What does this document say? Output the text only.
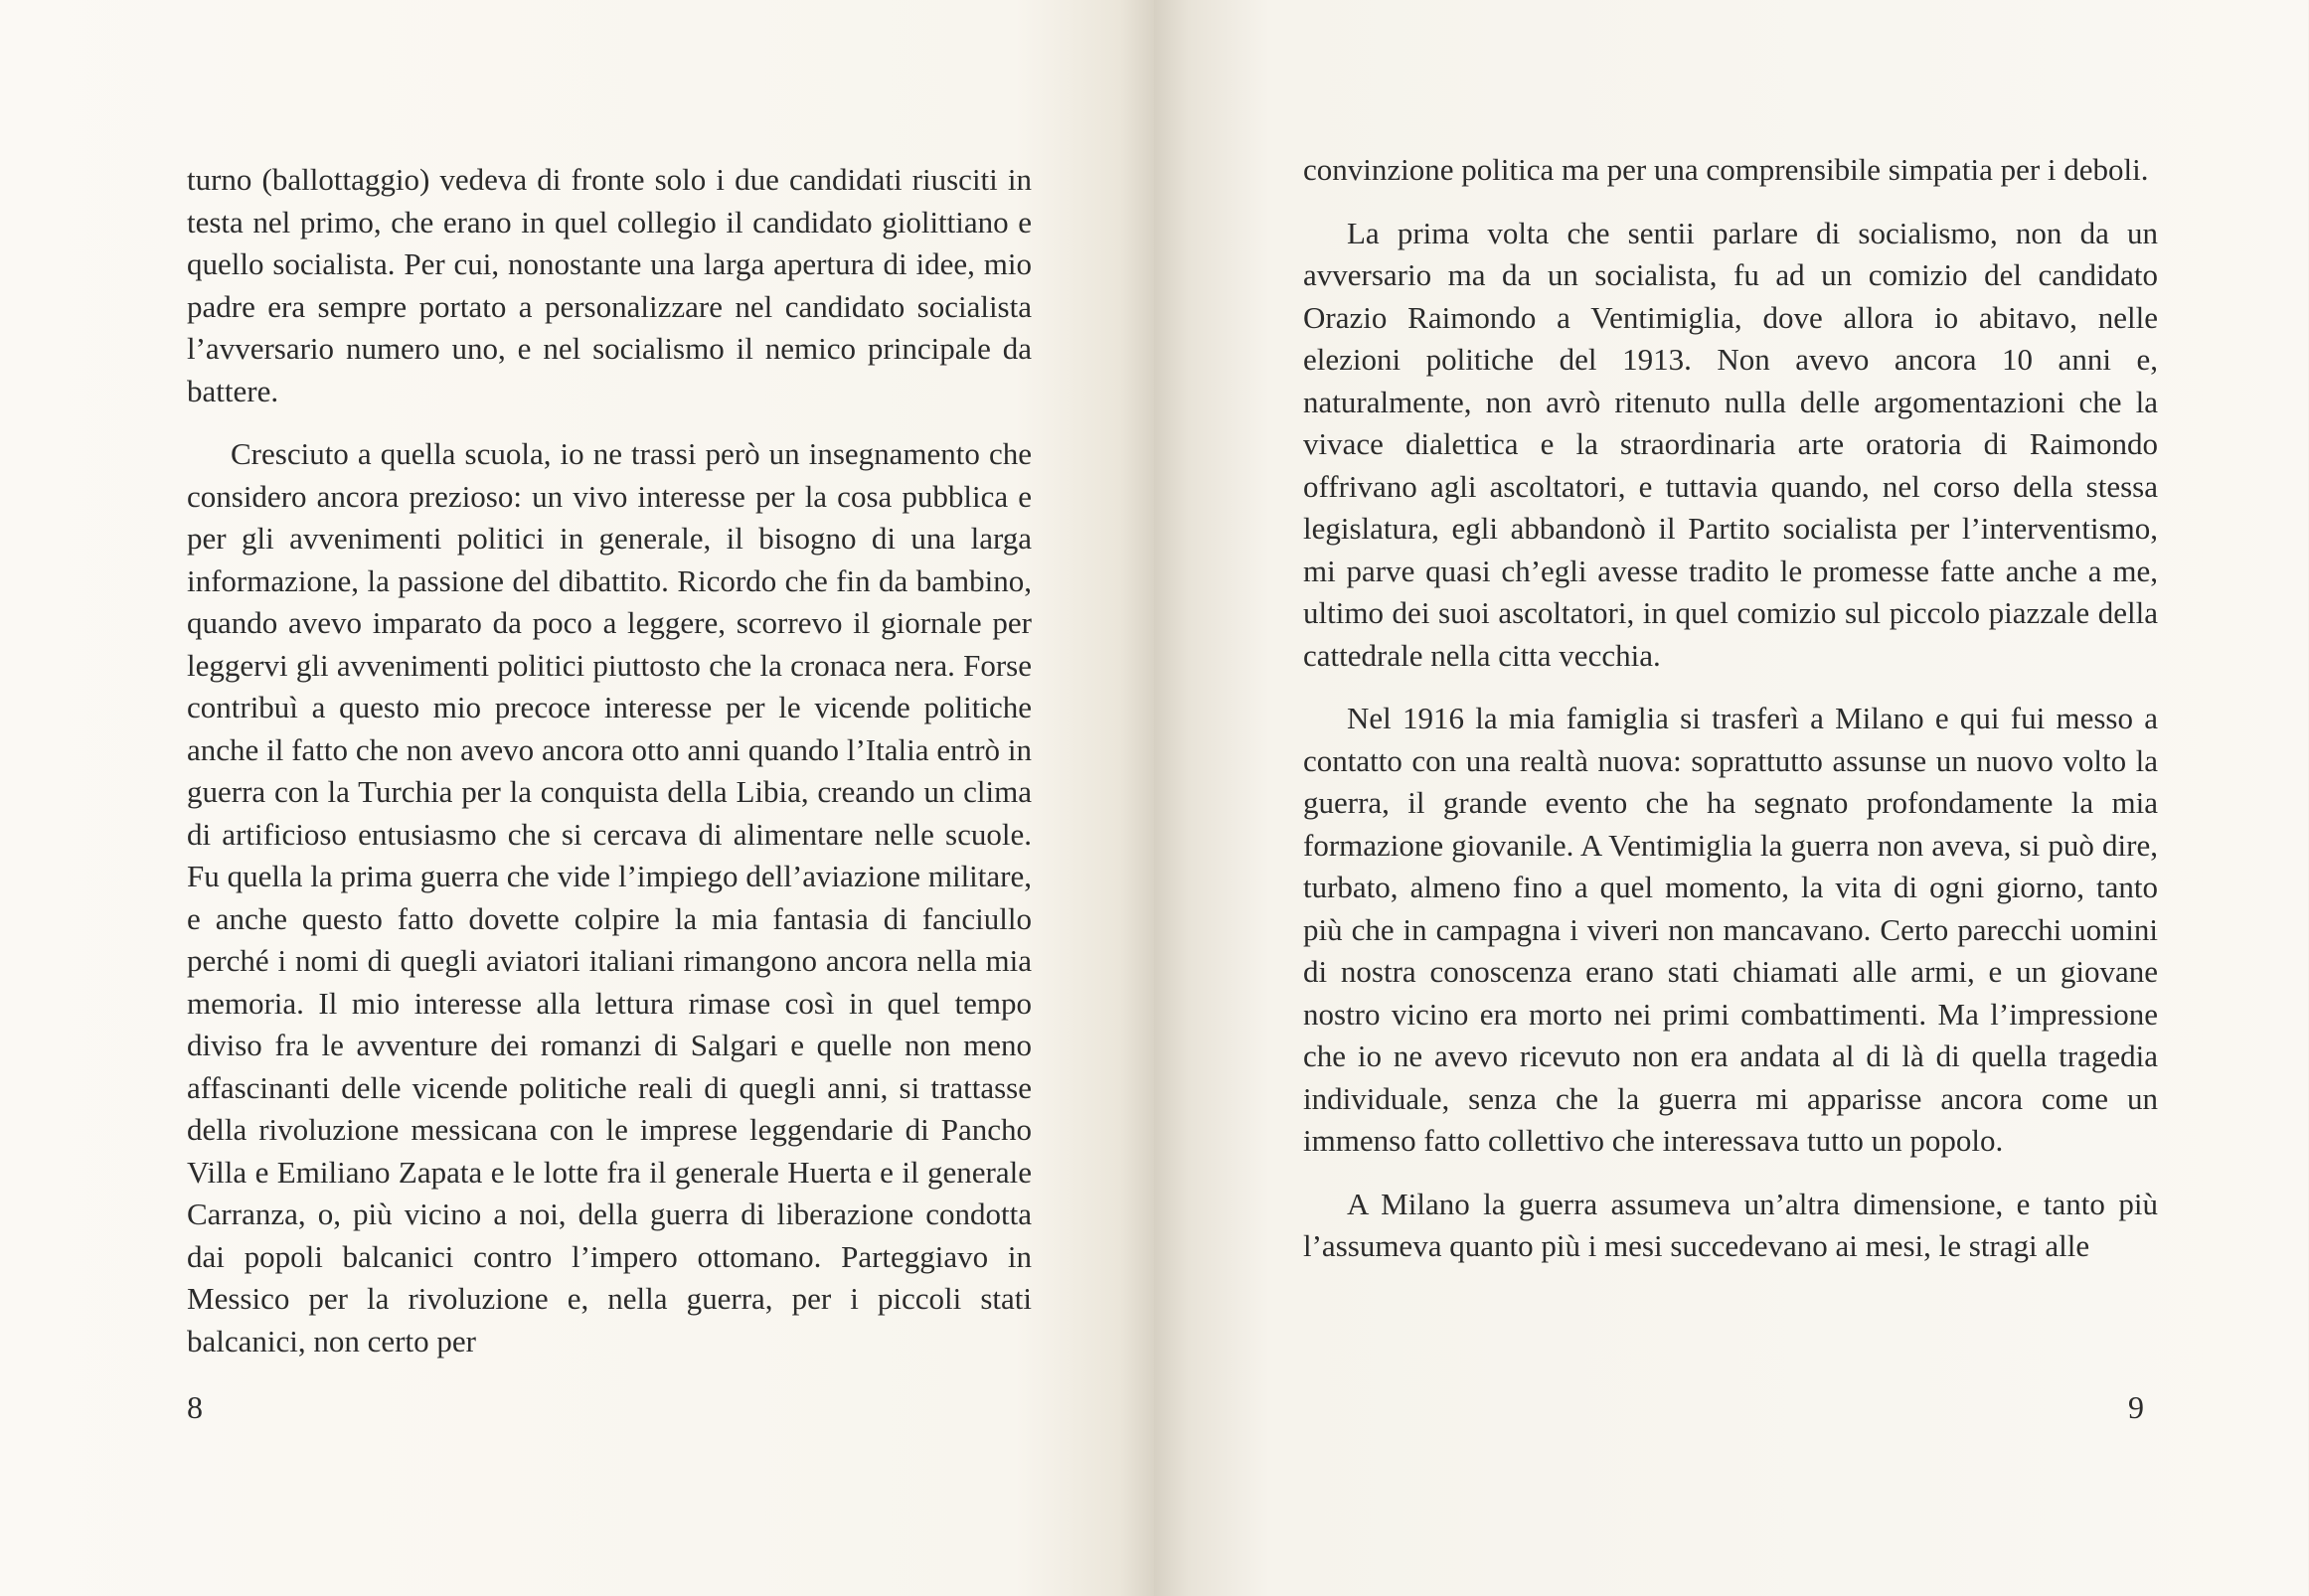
turno (ballottaggio) vedeva di fronte solo i due candidati riusciti in testa nel primo, che erano in quel collegio il candidato giolittiano e quello socialista. Per cui, nonostante una larga apertura di idee, mio padre era sempre portato a personalizzare nel candidato socialista l’avversario numero uno, e nel socialismo il nemico principale da battere.

Cresciuto a quella scuola, io ne trassi però un insegnamento che considero ancora prezioso: un vivo interesse per la cosa pubblica e per gli avvenimenti politici in generale, il bisogno di una larga informazione, la passione del dibattito. Ricordo che fin da bambino, quando avevo imparato da poco a leggere, scorrevo il giornale per leggervi gli avvenimenti politici piuttosto che la cronaca nera. Forse contribuì a questo mio precoce interesse per le vicende politiche anche il fatto che non avevo ancora otto anni quando l’Italia entrò in guerra con la Turchia per la conquista della Libia, creando un clima di artificioso entusiasmo che si cercava di alimentare nelle scuole. Fu quella la prima guerra che vide l’impiego dell’aviazione militare, e anche questo fatto dovette colpire la mia fantasia di fanciullo perché i nomi di quegli aviatori italiani rimangono ancora nella mia memoria. Il mio interesse alla lettura rimase così in quel tempo diviso fra le avventure dei romanzi di Salgari e quelle non meno affascinanti delle vicende politiche reali di quegli anni, si trattasse della rivoluzione messicana con le imprese leggendarie di Pancho Villa e Emiliano Zapata e le lotte fra il generale Huerta e il generale Carranza, o, più vicino a noi, della guerra di liberazione condotta dai popoli balcanici contro l’impero ottomano. Parteggiavo in Messico per la rivoluzione e, nella guerra, per i piccoli stati balcanici, non certo per

8

convinzione politica ma per una comprensibile simpatia per i deboli.

La prima volta che sentii parlare di socialismo, non da un avversario ma da un socialista, fu ad un comizio del candidato Orazio Raimondo a Ventimiglia, dove allora io abitavo, nelle elezioni politiche del 1913. Non avevo ancora 10 anni e, naturalmente, non avrò ritenuto nulla delle argomentazioni che la vivace dialettica e la straordinaria arte oratoria di Raimondo offrivano agli ascoltatori, e tuttavia quando, nel corso della stessa legislatura, egli abbandonò il Partito socialista per l’interventismo, mi parve quasi ch’egli avesse tradito le promesse fatte anche a me, ultimo dei suoi ascoltatori, in quel comizio sul piccolo piazzale della cattedrale nella citta vecchia.

Nel 1916 la mia famiglia si trasferì a Milano e qui fui messo a contatto con una realtà nuova: soprattutto assunse un nuovo volto la guerra, il grande evento che ha segnato profondamente la mia formazione giovanile. A Ventimiglia la guerra non aveva, si può dire, turbato, almeno fino a quel momento, la vita di ogni giorno, tanto più che in campagna i viveri non mancavano. Certo parecchi uomini di nostra conoscenza erano stati chiamati alle armi, e un giovane nostro vicino era morto nei primi combattimenti. Ma l’impressione che io ne avevo ricevuto non era andata al di là di quella tragedia individuale, senza che la guerra mi apparisse ancora come un immenso fatto collettivo che interessava tutto un popolo.

A Milano la guerra assumeva un’altra dimensione, e tanto più l’assumeva quanto più i mesi succedevano ai mesi, le stragi alle

9
